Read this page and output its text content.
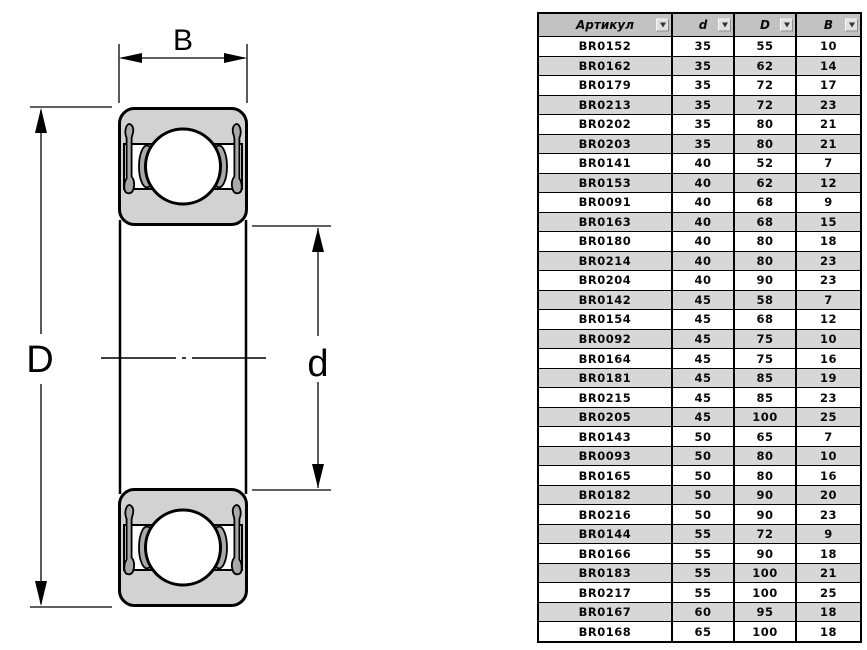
B
D	d
Артикул	d	D	B
BR0152	35	55	10
BR0162	35	62	14
BR0179	35	72	17
BR0213	35	72	23
BR0202	35	80	21
BR0203	35	80	21
BR0141	40	52	7
BR0153	40	62	12
BR0091	40	68	9
BR0163	40	68	15
BR0180	40	80	18
BR0214	40	80	23
BR0204	40	90	23
BR0142	45	58	7
BR0154	45	68	12
BR0092	45	75	10
BR0164	45	75	16
BR0181	45	85	19
BR0215	45	85	23
BR0205	45	100	25
BR0143	50	65	7
BR0093	50	80	10
BR0165	50	80	16
BR0182	50	90	20
BR0216	50	90	23
BR0144	55	72	9
BR0166	55	90	18
BR0183	55	100	21
BR0217	55	100	25
BR0167	60	95	18
BR0168	65	100	18
